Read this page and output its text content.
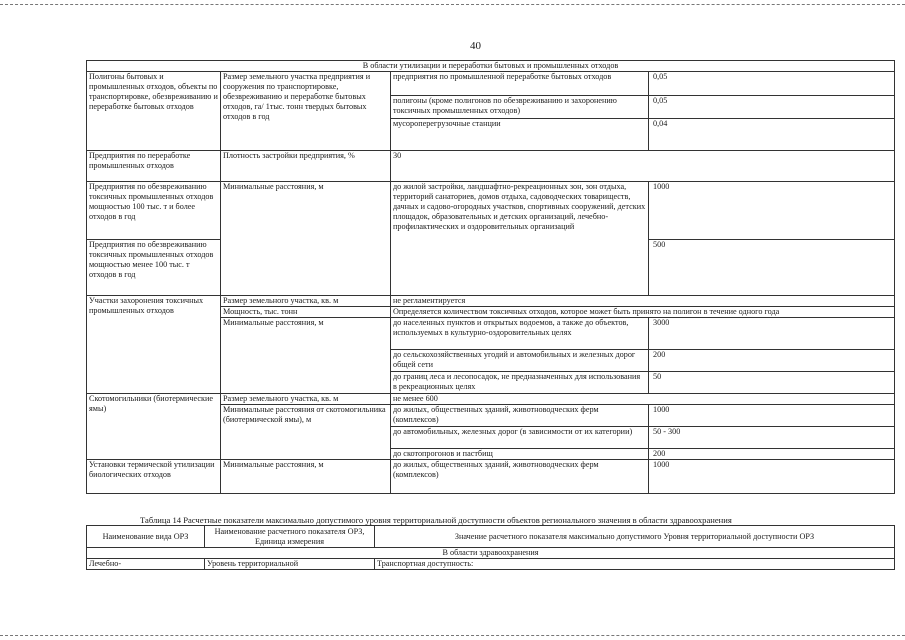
40
В области утилизации и переработки бытовых и промышленных отходов			
Полигоны бытовых и промышленных отходов, объекты по транспортировке, обезвреживанию и переработке бытовых отходов	Размер земельного участка предприятия и сооружения по транспортировке, обезвреживанию и переработке бытовых отходов, га/ 1тыс. тонн твердых бытовых отходов в год	предприятия по промышленной переработке бытовых отходов	0,05
		полигоны (кроме полигонов по обезвреживанию и захоронению токсичных промышленных отходов)	0,05
		мусороперегрузочные станции	0,04
Предприятия по переработке промышленных отходов	Плотность застройки предприятия, %	30	
Предприятия по обезвреживанию токсичных промышленных отходов мощностью 100 тыс. т и более отходов в год	Минимальные расстояния, м	до жилой застройки, ландшафтно-рекреационных зон, зон отдыха, территорий санаториев, домов отдыха, садоводческих товариществ, дачных и садово-огородных участков, спортивных сооружений, детских площадок, образовательных и детских организаций, лечебно-профилактических и оздоровительных организаций	1000
Предприятия по обезвреживанию токсичных промышленных отходов мощностью менее 100 тыс. т отходов в год			500
Участки захоронения токсичных промышленных отходов	Размер земельного участка, кв. м	не регламентируется	
	Мощность, тыс. тонн	Определяется количеством токсичных отходов, которое может быть принято на полигон в течение одного года	
	Минимальные расстояния, м	до населенных пунктов и открытых водоемов, а также до объектов, используемых в культурно-оздоровительных целях	3000
		до сельскохозяйственных угодий и автомобильных и железных дорог общей сети	200
		до границ леса и лесопосадок, не предназначенных для использования в рекреационных целях	50
Скотомогильники (биотермические ямы)	Размер земельного участка, кв. м	не менее 600	
	Минимальные расстояния от скотомогильника (биотермической ямы), м	до жилых, общественных зданий, животноводческих ферм (комплексов)	1000
		до автомобильных, железных дорог (в зависимости от их категории)	50 - 300
		до скотопрогонов и пастбищ	200
Установки термической утилизации биологических отходов	Минимальные расстояния, м	до жилых, общественных зданий, животноводческих ферм (комплексов)	1000
Таблица 14 Расчетные показатели максимально допустимого уровня территориальной доступности объектов регионального значения в области здравоохранения
Наименование вида ОРЗ	Наименование расчетного показателя ОРЗ, Единица измерения	Значение расчетного показателя максимально допустимого Уровня территориальной доступности ОРЗ
В области здравоохранения		
Лечебно-	Уровень территориальной	Транспортная доступность:
